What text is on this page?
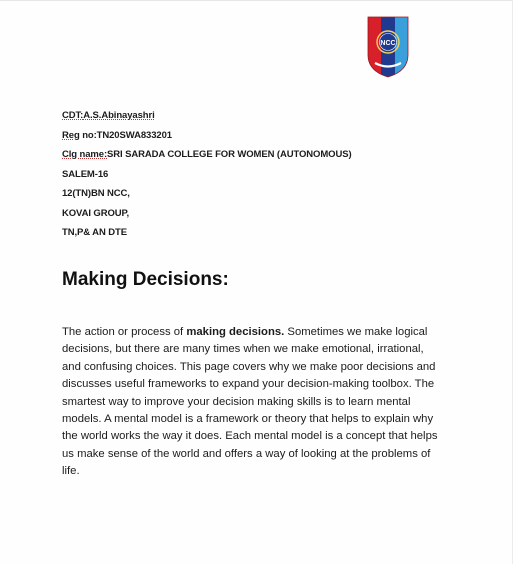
NCC
CDT:A.S.Abinayashri
Reg no:TN20SWA833201
Clg name:SRI SARADA COLLEGE FOR WOMEN (AUTONOMOUS)
SALEM-16
12(TN)BN NCC,
KOVAI GROUP,
TN,P& AN DTE
Making Decisions:
The action or process of making decisions. Sometimes we make logical
decisions, but there are many times when we make emotional, irrational,
and confusing choices. This page covers why we make poor decisions and
discusses useful frameworks to expand your decision-making toolbox. The
smartest way to improve your decision making skills is to learn mental
models. A mental model is a framework or theory that helps to explain why
the world works the way it does. Each mental model is a concept that helps
us make sense of the world and offers a way of looking at the problems of
life.
